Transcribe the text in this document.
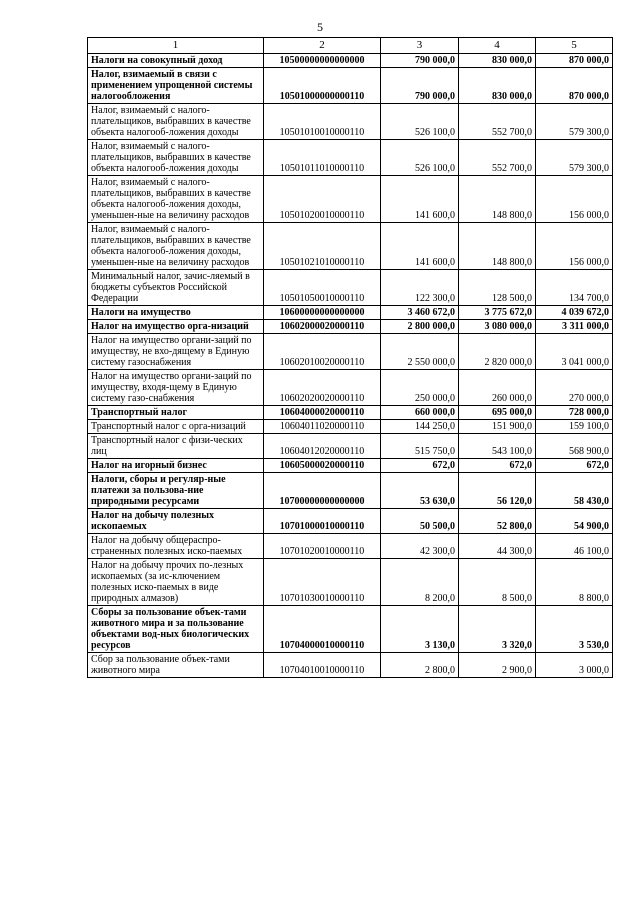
5
1	2	3	4	5
Налоги на совокупный доход	10500000000000000	790 000,0	830 000,0	870 000,0
Налог, взимаемый в связи с применением упрощенной системы налогообложения	10501000000000110	790 000,0	830 000,0	870 000,0
Налог, взимаемый с налого-плательщиков, выбравших в качестве объекта налогооб-ложения доходы	10501010010000110	526 100,0	552 700,0	579 300,0
Налог, взимаемый с налого-плательщиков, выбравших в качестве объекта налогооб-ложения доходы	10501011010000110	526 100,0	552 700,0	579 300,0
Налог, взимаемый с налого-плательщиков, выбравших в качестве объекта налогооб-ложения доходы, уменьшен-ные на величину расходов	10501020010000110	141 600,0	148 800,0	156 000,0
Налог, взимаемый с налого-плательщиков, выбравших в качестве объекта налогооб-ложения доходы, уменьшен-ные на величину расходов	10501021010000110	141 600,0	148 800,0	156 000,0
Минимальный налог, зачис-ляемый в бюджеты субъектов Российской Федерации	10501050010000110	122 300,0	128 500,0	134 700,0
Налоги на имущество	10600000000000000	3 460 672,0	3 775 672,0	4 039 672,0
Налог на имущество орга-низаций	10602000020000110	2 800 000,0	3 080 000,0	3 311 000,0
Налог на имущество органи-заций по имуществу, не вхо-дящему в Единую систему газоснабжения	10602010020000110	2 550 000,0	2 820 000,0	3 041 000,0
Налог на имущество органи-заций по имуществу, входя-щему в Единую систему газо-снабжения	10602020020000110	250 000,0	260 000,0	270 000,0
Транспортный налог	10604000020000110	660 000,0	695 000,0	728 000,0
Транспортный налог с орга-низаций	10604011020000110	144 250,0	151 900,0	159 100,0
Транспортный налог с физи-ческих лиц	10604012020000110	515 750,0	543 100,0	568 900,0
Налог на игорный бизнес	10605000020000110	672,0	672,0	672,0
Налоги, сборы и регуляр-ные платежи за пользова-ние природными ресурсами	10700000000000000	53 630,0	56 120,0	58 430,0
Налог на добычу полезных ископаемых	10701000010000110	50 500,0	52 800,0	54 900,0
Налог на добычу общераспро-страненных полезных иско-паемых	10701020010000110	42 300,0	44 300,0	46 100,0
Налог на добычу прочих по-лезных ископаемых (за ис-ключением полезных иско-паемых в виде природных алмазов)	10701030010000110	8 200,0	8 500,0	8 800,0
Сборы за пользование объек-тами животного мира и за пользование объектами вод-ных биологических ресурсов	10704000010000110	3 130,0	3 320,0	3 530,0
Сбор за пользование объек-тами животного мира	10704010010000110	2 800,0	2 900,0	3 000,0
